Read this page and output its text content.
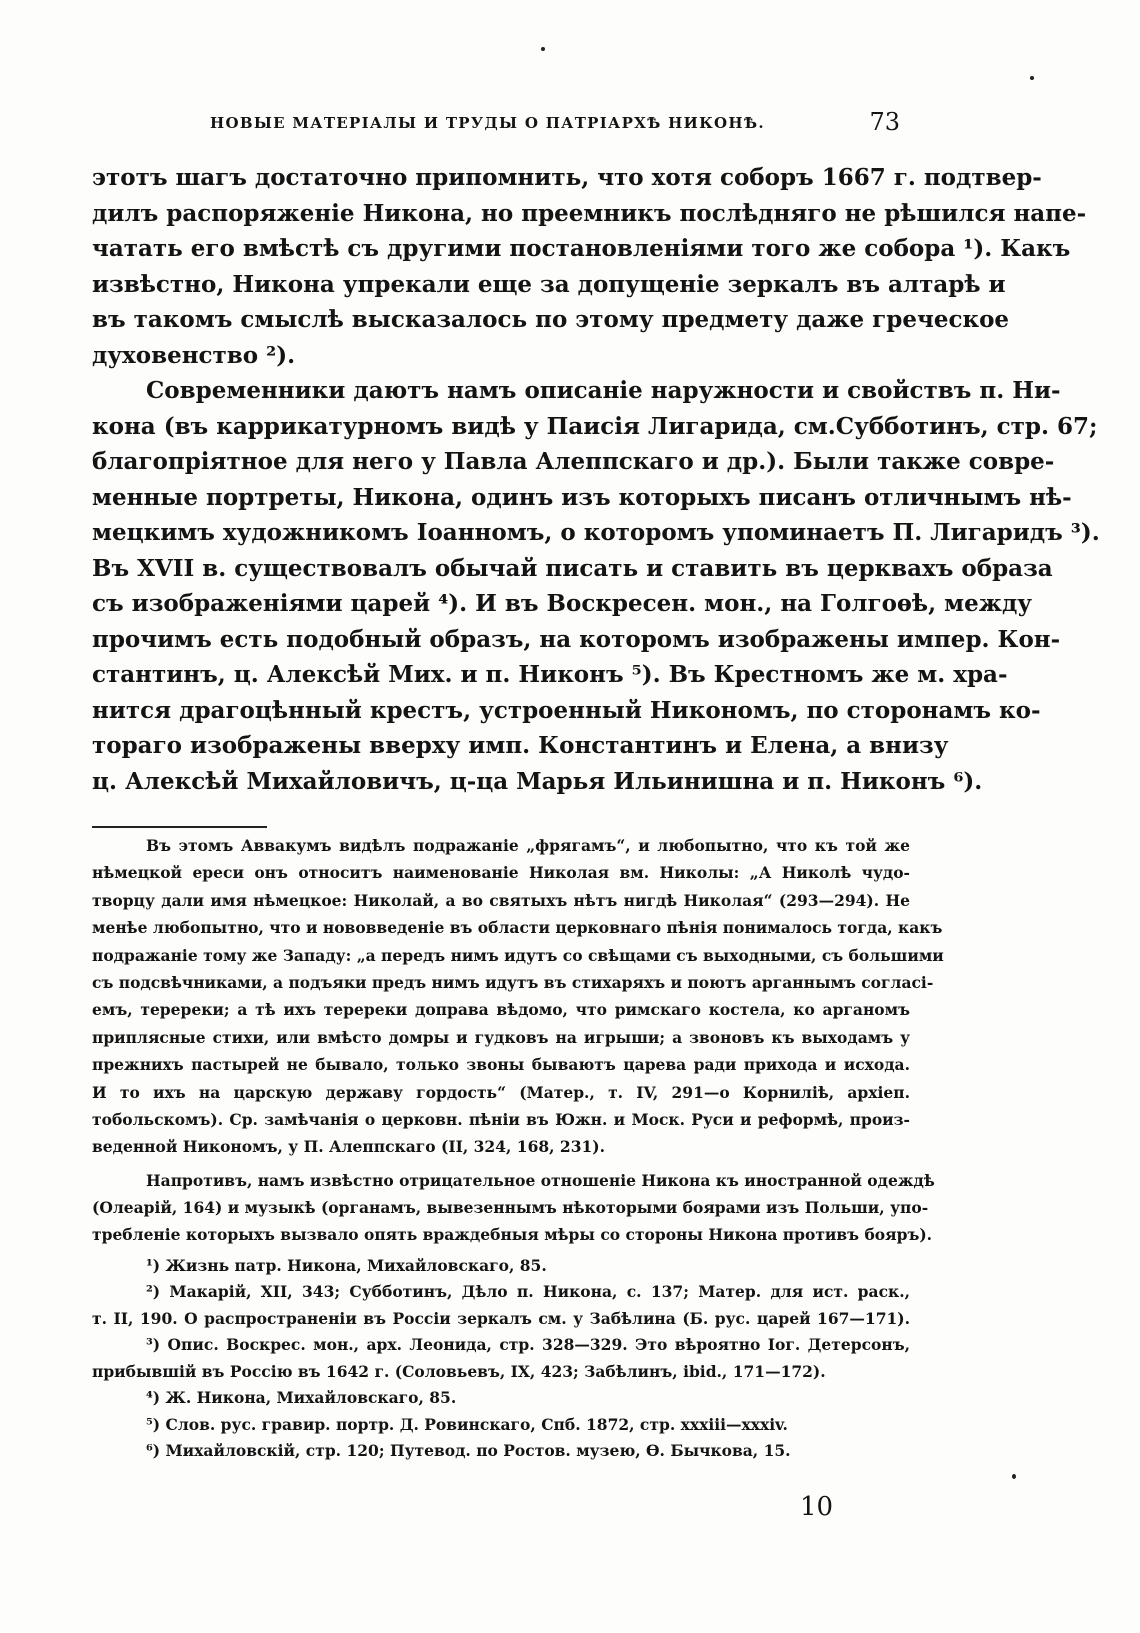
НОВЫЕ МАТЕРІАЛЫ И ТРУДЫ О ПАТРІАРХѢ НИКОНѢ.	73
этотъ шагъ достаточно припомнить, что хотя соборъ 1667 г. подтвер-
дилъ распоряженіе Никона, но преемникъ послѣдняго не рѣшился напе-
чатать его вмѣстѣ съ другими постановленіями того же собора ¹). Какъ
извѣстно, Никона упрекали еще за допущеніе зеркалъ въ алтарѣ и
въ такомъ смыслѣ высказалось по этому предмету даже греческое
духовенство ²).
Современники даютъ намъ описаніе наружности и свойствъ п. Ни-
кона (въ каррикатурномъ видѣ у Паисія Лигарида, см.Субботинъ, стр. 67;
благопріятное для него у Павла Алеппскаго и др.). Были также совре-
менные портреты, Никона, одинъ изъ которыхъ писанъ отличнымъ нѣ-
мецкимъ художникомъ Іоанномъ, о которомъ упоминаетъ П. Лигаридъ ³).
Въ XVII в. существовалъ обычай писать и ставить въ церквахъ образа
съ изображеніями царей ⁴). И въ Воскресен. мон., на Голгоѳѣ, между
прочимъ есть подобный образъ, на которомъ изображены импер. Кон-
стантинъ, ц. Алексѣй Мих. и п. Никонъ ⁵). Въ Крестномъ же м. хра-
нится драгоцѣнный крестъ, устроенный Никономъ, по сторонамъ ко-
тораго изображены вверху имп. Константинъ и Елена, а внизу
ц. Алексѣй Михайловичъ, ц-ца Марья Ильинишна и п. Никонъ ⁶).
Въ этомъ Аввакумъ видѣлъ подражаніе „фрягамъ“, и любопытно, что къ той же
нѣмецкой ереси онъ относитъ наименованіе Николая вм. Николы: „А Николѣ чудо-
творцу дали имя нѣмецкое: Николай, а во святыхъ нѣтъ нигдѣ Николая“ (293—294). Не
менѣе любопытно, что и нововведеніе въ области церковнаго пѣнія понималось тогда, какъ
подражаніе тому же Западу: „а передъ нимъ идутъ со свѣщами съ выходными, съ большими
съ подсвѣчниками, а подъяки предъ нимъ идутъ въ стихаряхъ и поютъ арганнымъ согласі-
емъ, теререки; а тѣ ихъ теререки доправа вѣдомо, что римскаго костела, ко арганомъ
приплясные стихи, или вмѣсто домры и гудковъ на игрыши; а звоновъ къ выходамъ у
прежнихъ пастырей не бывало, только звоны бываютъ царева ради прихода и исхода.
И то ихъ на царскую державу гордость“ (Матер., т. IV, 291—о Корниліѣ, архіеп.
тобольскомъ). Ср. замѣчанія о церковн. пѣніи въ Южн. и Моск. Руси и реформѣ, произ-
веденной Никономъ, у П. Алеппскаго (II, 324, 168, 231).
Напротивъ, намъ извѣстно отрицательное отношеніе Никона къ иностранной одеждѣ
(Олеарій, 164) и музыкѣ (органамъ, вывезеннымъ нѣкоторыми боярами изъ Польши, упо-
требленіе которыхъ вызвало опять враждебныя мѣры со стороны Никона противъ бояръ).
¹) Жизнь патр. Никона, Михайловскаго, 85.
²) Макарій, XII, 343; Субботинъ, Дѣло п. Никона, с. 137; Матер. для ист. раск.,
т. II, 190. О распространеніи въ Россіи зеркалъ см. у Забѣлина (Б. рус. царей 167—171).
³) Опис. Воскрес. мон., арх. Леонида, стр. 328—329. Это вѣроятно Іог. Детерсонъ,
прибывшій въ Россію въ 1642 г. (Соловьевъ, IX, 423; Забѣлинъ, ibid., 171—172).
⁴) Ж. Никона, Михайловскаго, 85.
⁵) Слов. рус. гравир. портр. Д. Ровинскаго, Спб. 1872, стр. xxxiii—xxxiv.
⁶) Михайловскій, стр. 120; Путевод. по Ростов. музею, Ѳ. Бычкова, 15.
10
